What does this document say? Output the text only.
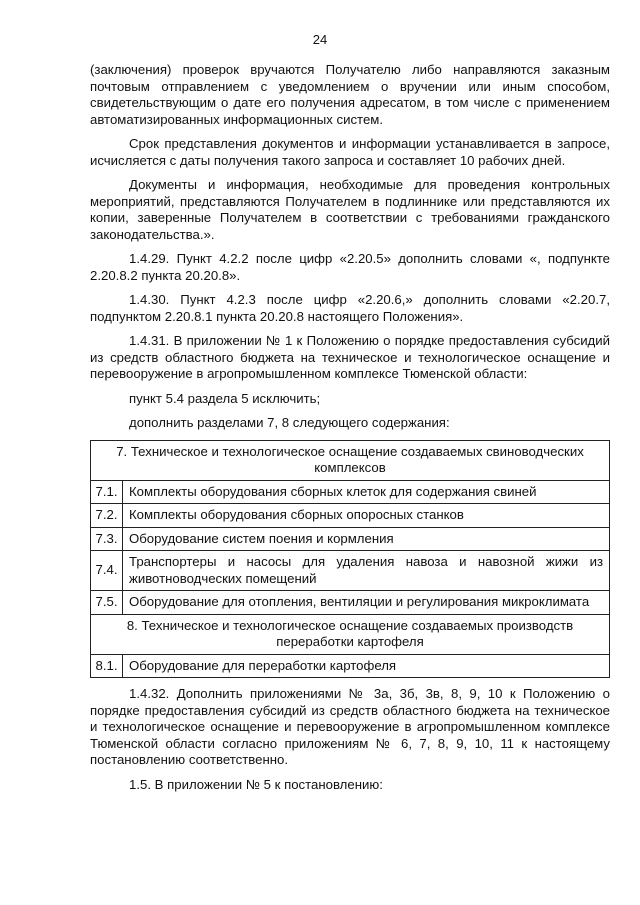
24

(заключения) проверок вручаются Получателю либо направляются заказным почтовым отправлением с уведомлением о вручении или иным способом, свидетельствующим о дате его получения адресатом, в том числе с применением автоматизированных информационных систем.

Срок представления документов и информации устанавливается в запросе, исчисляется с даты получения такого запроса и составляет 10 рабочих дней.

Документы и информация, необходимые для проведения контрольных мероприятий, представляются Получателем в подлиннике или представляются их копии, заверенные Получателем в соответствии с требованиями гражданского законодательства.».

1.4.29. Пункт 4.2.2 после цифр «2.20.5» дополнить словами «, подпункте 2.20.8.2 пункта 20.20.8».

1.4.30. Пункт 4.2.3 после цифр «2.20.6,» дополнить словами «2.20.7, подпунктом 2.20.8.1 пункта 20.20.8 настоящего Положения».

1.4.31. В приложении № 1 к Положению о порядке предоставления субсидий из средств областного бюджета на техническое и технологическое оснащение и перевооружение в агропромышленном комплексе Тюменской области:

пункт 5.4 раздела 5 исключить;

дополнить разделами 7, 8 следующего содержания:

7. Техническое и технологическое оснащение создаваемых свиноводческих комплексов	
7.1.	Комплекты оборудования сборных клеток для содержания свиней
7.2.	Комплекты оборудования сборных опоросных станков
7.3.	Оборудование систем поения и кормления
7.4.	Транспортеры и насосы для удаления навоза и навозной жижи из животноводческих помещений
7.5.	Оборудование для отопления, вентиляции и регулирования микроклимата
8. Техническое и технологическое оснащение создаваемых производств переработки картофеля	
8.1.	Оборудование для переработки картофеля

1.4.32. Дополнить приложениями № 3а, 3б, 3в, 8, 9, 10 к Положению о порядке предоставления субсидий из средств областного бюджета на техническое и технологическое оснащение и перевооружение в агропромышленном комплексе Тюменской области согласно приложениям № 6, 7, 8, 9, 10, 11 к настоящему постановлению соответственно.

1.5. В приложении № 5 к постановлению:
